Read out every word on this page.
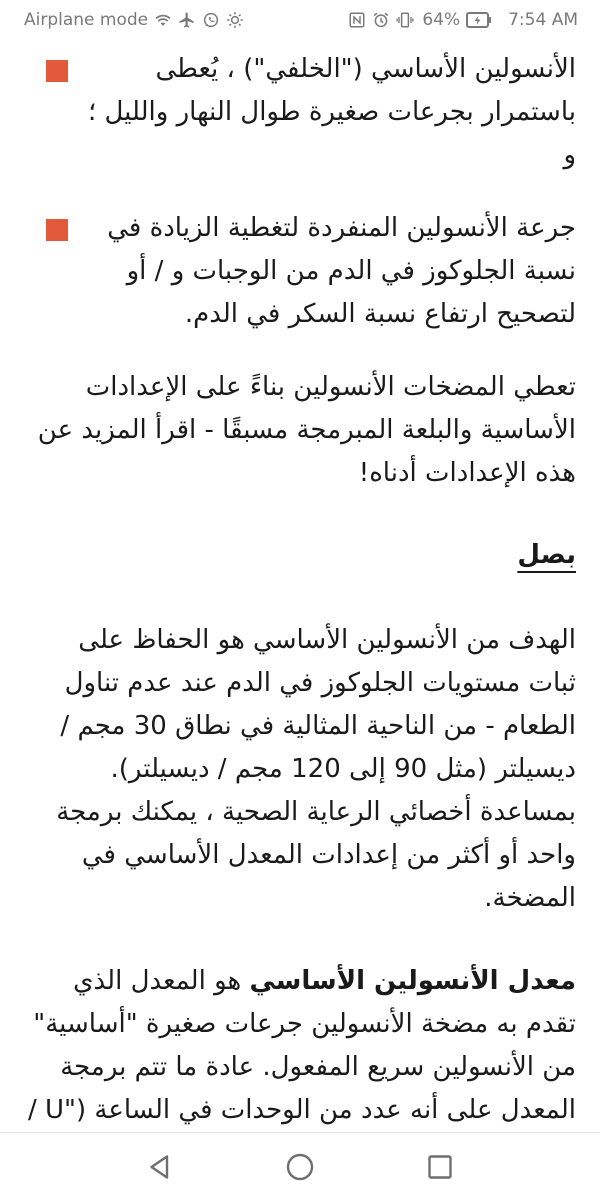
Airplane mode	64%	7:54 AM
الأنسولين الأساسي ("الخلفي") ، يُعطى باستمرار بجرعات صغيرة طوال النهار والليل ؛ و
جرعة الأنسولين المنفردة لتغطية الزيادة في نسبة الجلوكوز في الدم من الوجبات و / أو لتصحيح ارتفاع نسبة السكر في الدم.

تعطي المضخات الأنسولين بناءً على الإعدادات الأساسية والبلعة المبرمجة مسبقًا - اقرأ المزيد عن هذه الإعدادات أدناه!

بصل

الهدف من الأنسولين الأساسي هو الحفاظ على ثبات مستويات الجلوكوز في الدم عند عدم تناول الطعام - من الناحية المثالية في نطاق 30 مجم / ديسيلتر (مثل 90 إلى 120 مجم / ديسيلتر). بمساعدة أخصائي الرعاية الصحية ، يمكنك برمجة واحد أو أكثر من إعدادات المعدل الأساسي في المضخة.

معدل الأنسولين الأساسي هو المعدل الذي تقدم به مضخة الأنسولين جرعات صغيرة "أساسية" من الأنسولين سريع المفعول. عادة ما تتم برمجة المعدل على أنه عدد من الوحدات في الساعة ("U /
